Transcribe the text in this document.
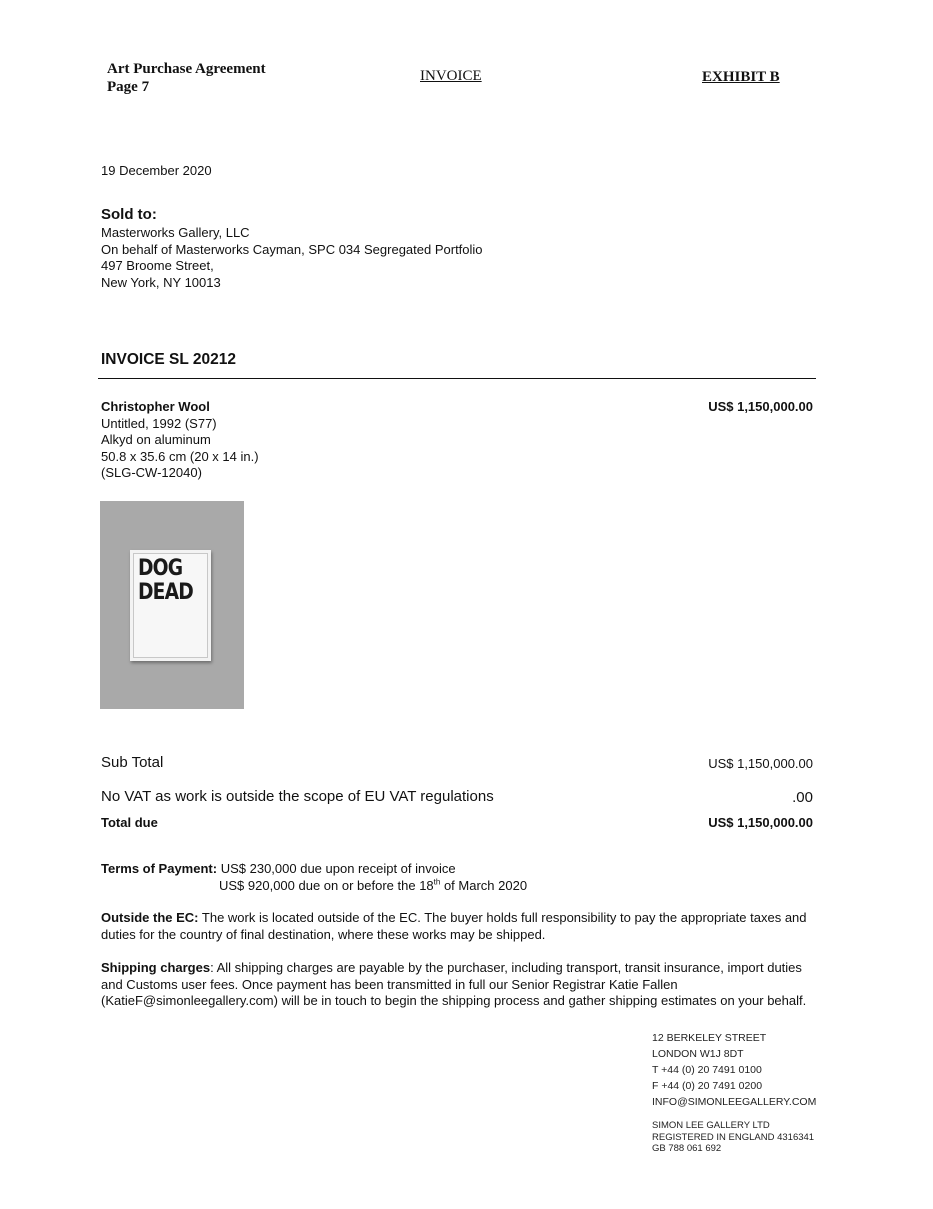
Art Purchase Agreement
Page 7
INVOICE	EXHIBIT B
19 December 2020
Sold to:
Masterworks Gallery, LLC
On behalf of Masterworks Cayman, SPC 034 Segregated Portfolio
497 Broome Street,
New York, NY 10013
INVOICE SL 20212
Christopher Wool
Untitled, 1992 (S77)
Alkyd on aluminum
50.8 x 35.6 cm (20 x 14 in.)
(SLG-CW-12040)
US$ 1,150,000.00
DOG
DEAD
Sub Total	US$ 1,150,000.00
No VAT as work is outside the scope of EU VAT regulations	.00
Total due	US$ 1,150,000.00
Terms of Payment: US$ 230,000 due upon receipt of invoice
US$ 920,000 due on or before the 18th of March 2020
Outside the EC: The work is located outside of the EC. The buyer holds full responsibility to pay the appropriate taxes and duties for the country of final destination, where these works may be shipped.
Shipping charges: All shipping charges are payable by the purchaser, including transport, transit insurance, import duties and Customs user fees. Once payment has been transmitted in full our Senior Registrar Katie Fallen (KatieF@simonleegallery.com) will be in touch to begin the shipping process and gather shipping estimates on your behalf.
12 BERKELEY STREET
LONDON W1J 8DT
T +44 (0) 20 7491 0100
F +44 (0) 20 7491 0200
INFO@SIMONLEEGALLERY.COM
SIMON LEE GALLERY LTD
REGISTERED IN ENGLAND 4316341
GB 788 061 692
